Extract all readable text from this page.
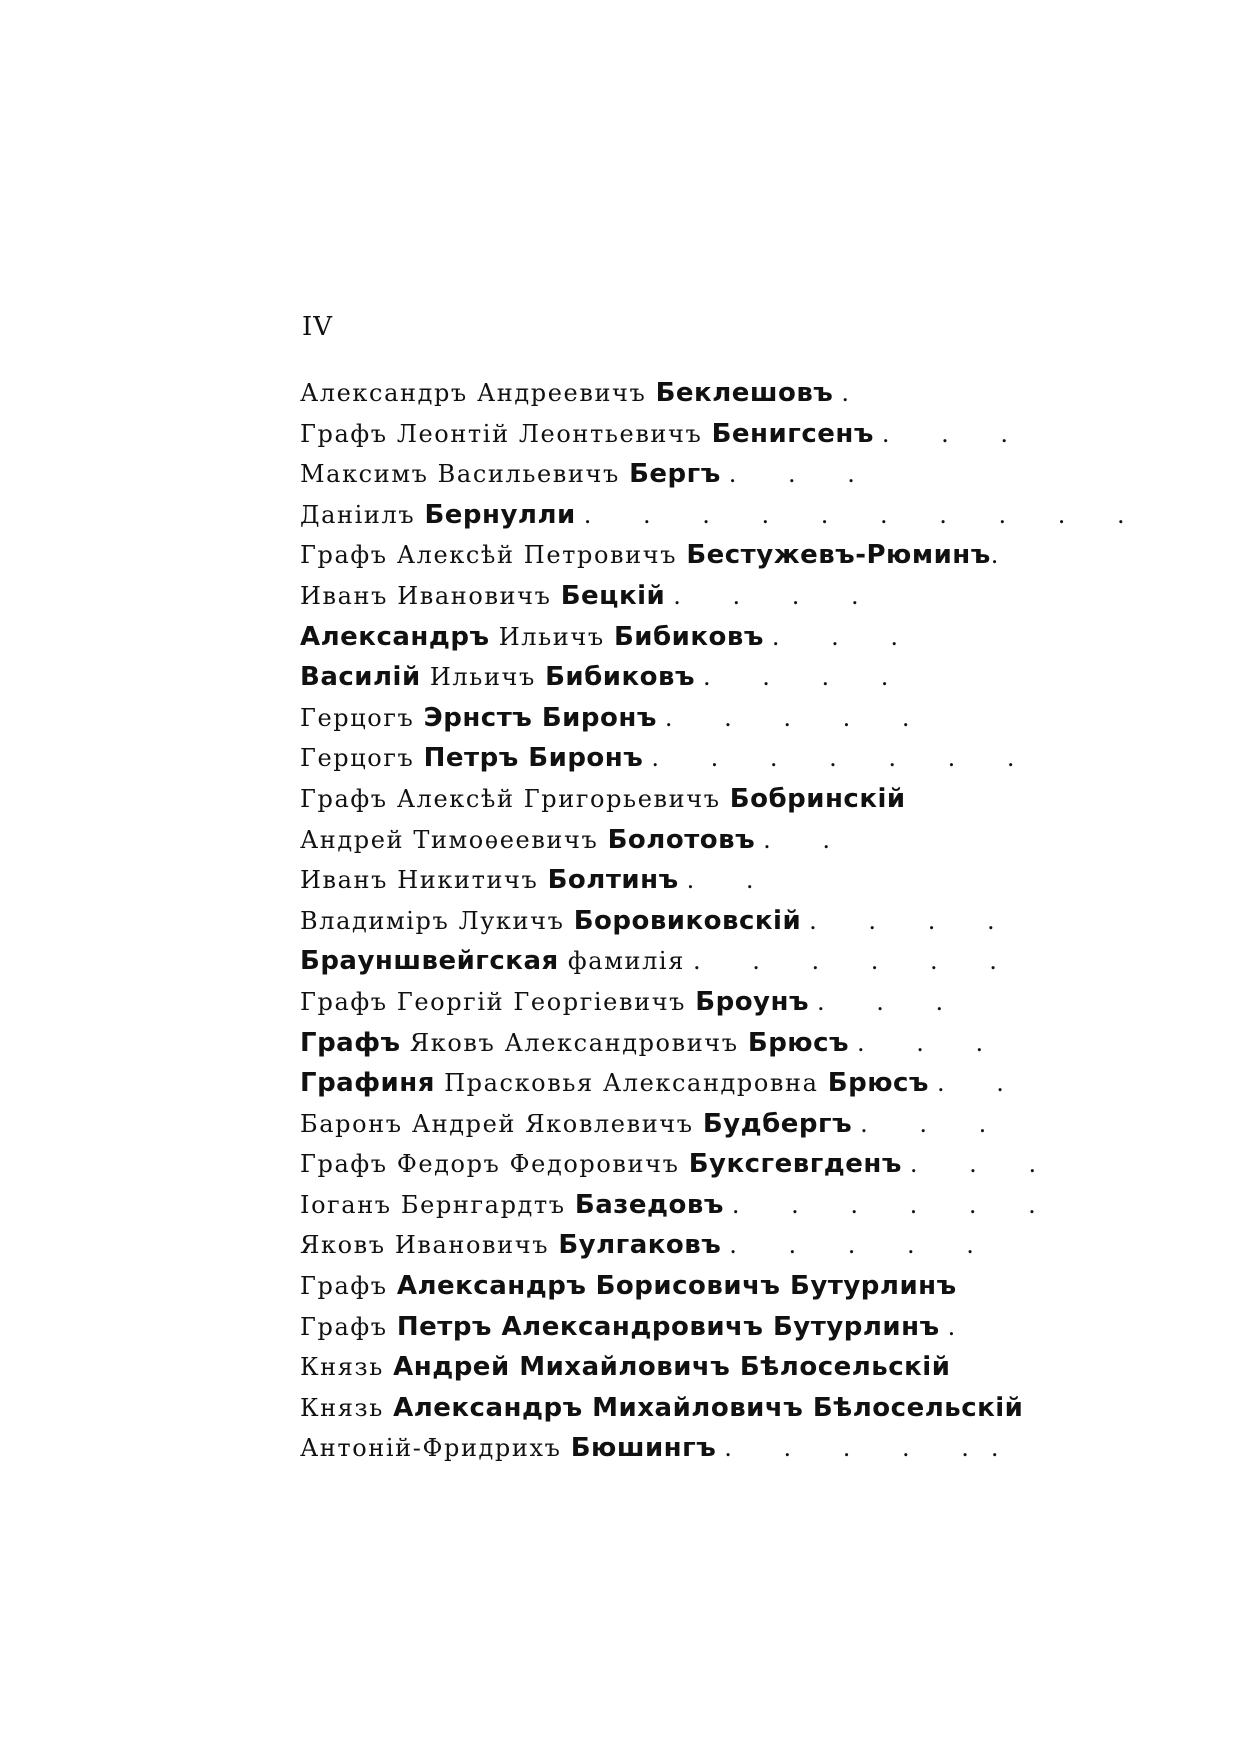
IV
Александръ Андреевичъ Беклешовъ .
Графъ Леонтій Леонтьевичъ Бенигсенъ . . .
Максимъ Васильевичъ Бергъ . . .
Даніилъ Бернулли . . . . . . . . . .
Графъ Алексѣй Петровичъ Бестужевъ-Рюминъ.
Иванъ Ивановичъ Бецкій . . . .
Александръ Ильичъ Бибиковъ . . .
Василій Ильичъ Бибиковъ . . . .
Герцогъ Эрнстъ Биронъ . . . . .
Герцогъ Петръ Биронъ . . . . . . .
Графъ Алексѣй Григорьевичъ Бобринскій
Андрей Тимоѳеевичъ Болотовъ . .
Иванъ Никитичъ Болтинъ . .
Владиміръ Лукичъ Боровиковскій . . . .
Брауншвейгская фамилія . . . . . .
Графъ Георгій Георгіевичъ Броунъ . . .
Графъ Яковъ Александровичъ Брюсъ . . .
Графиня Прасковья Александровна Брюсъ . .
Баронъ Андрей Яковлевичъ Будбергъ . . .
Графъ Федоръ Федоровичъ Буксгевгденъ . . .
Іоганъ Бернгардтъ Базедовъ . . . . . .
Яковъ Ивановичъ Булгаковъ . . . . .
Графъ Александръ Борисовичъ Бутурлинъ
Графъ Петръ Александровичъ Бутурлинъ .
Князь Андрей Михайловичъ Бѣлосельскій
Князь Александръ Михайловичъ Бѣлосельскій
Антоній-Фридрихъ Бюшингъ . . . . ..
